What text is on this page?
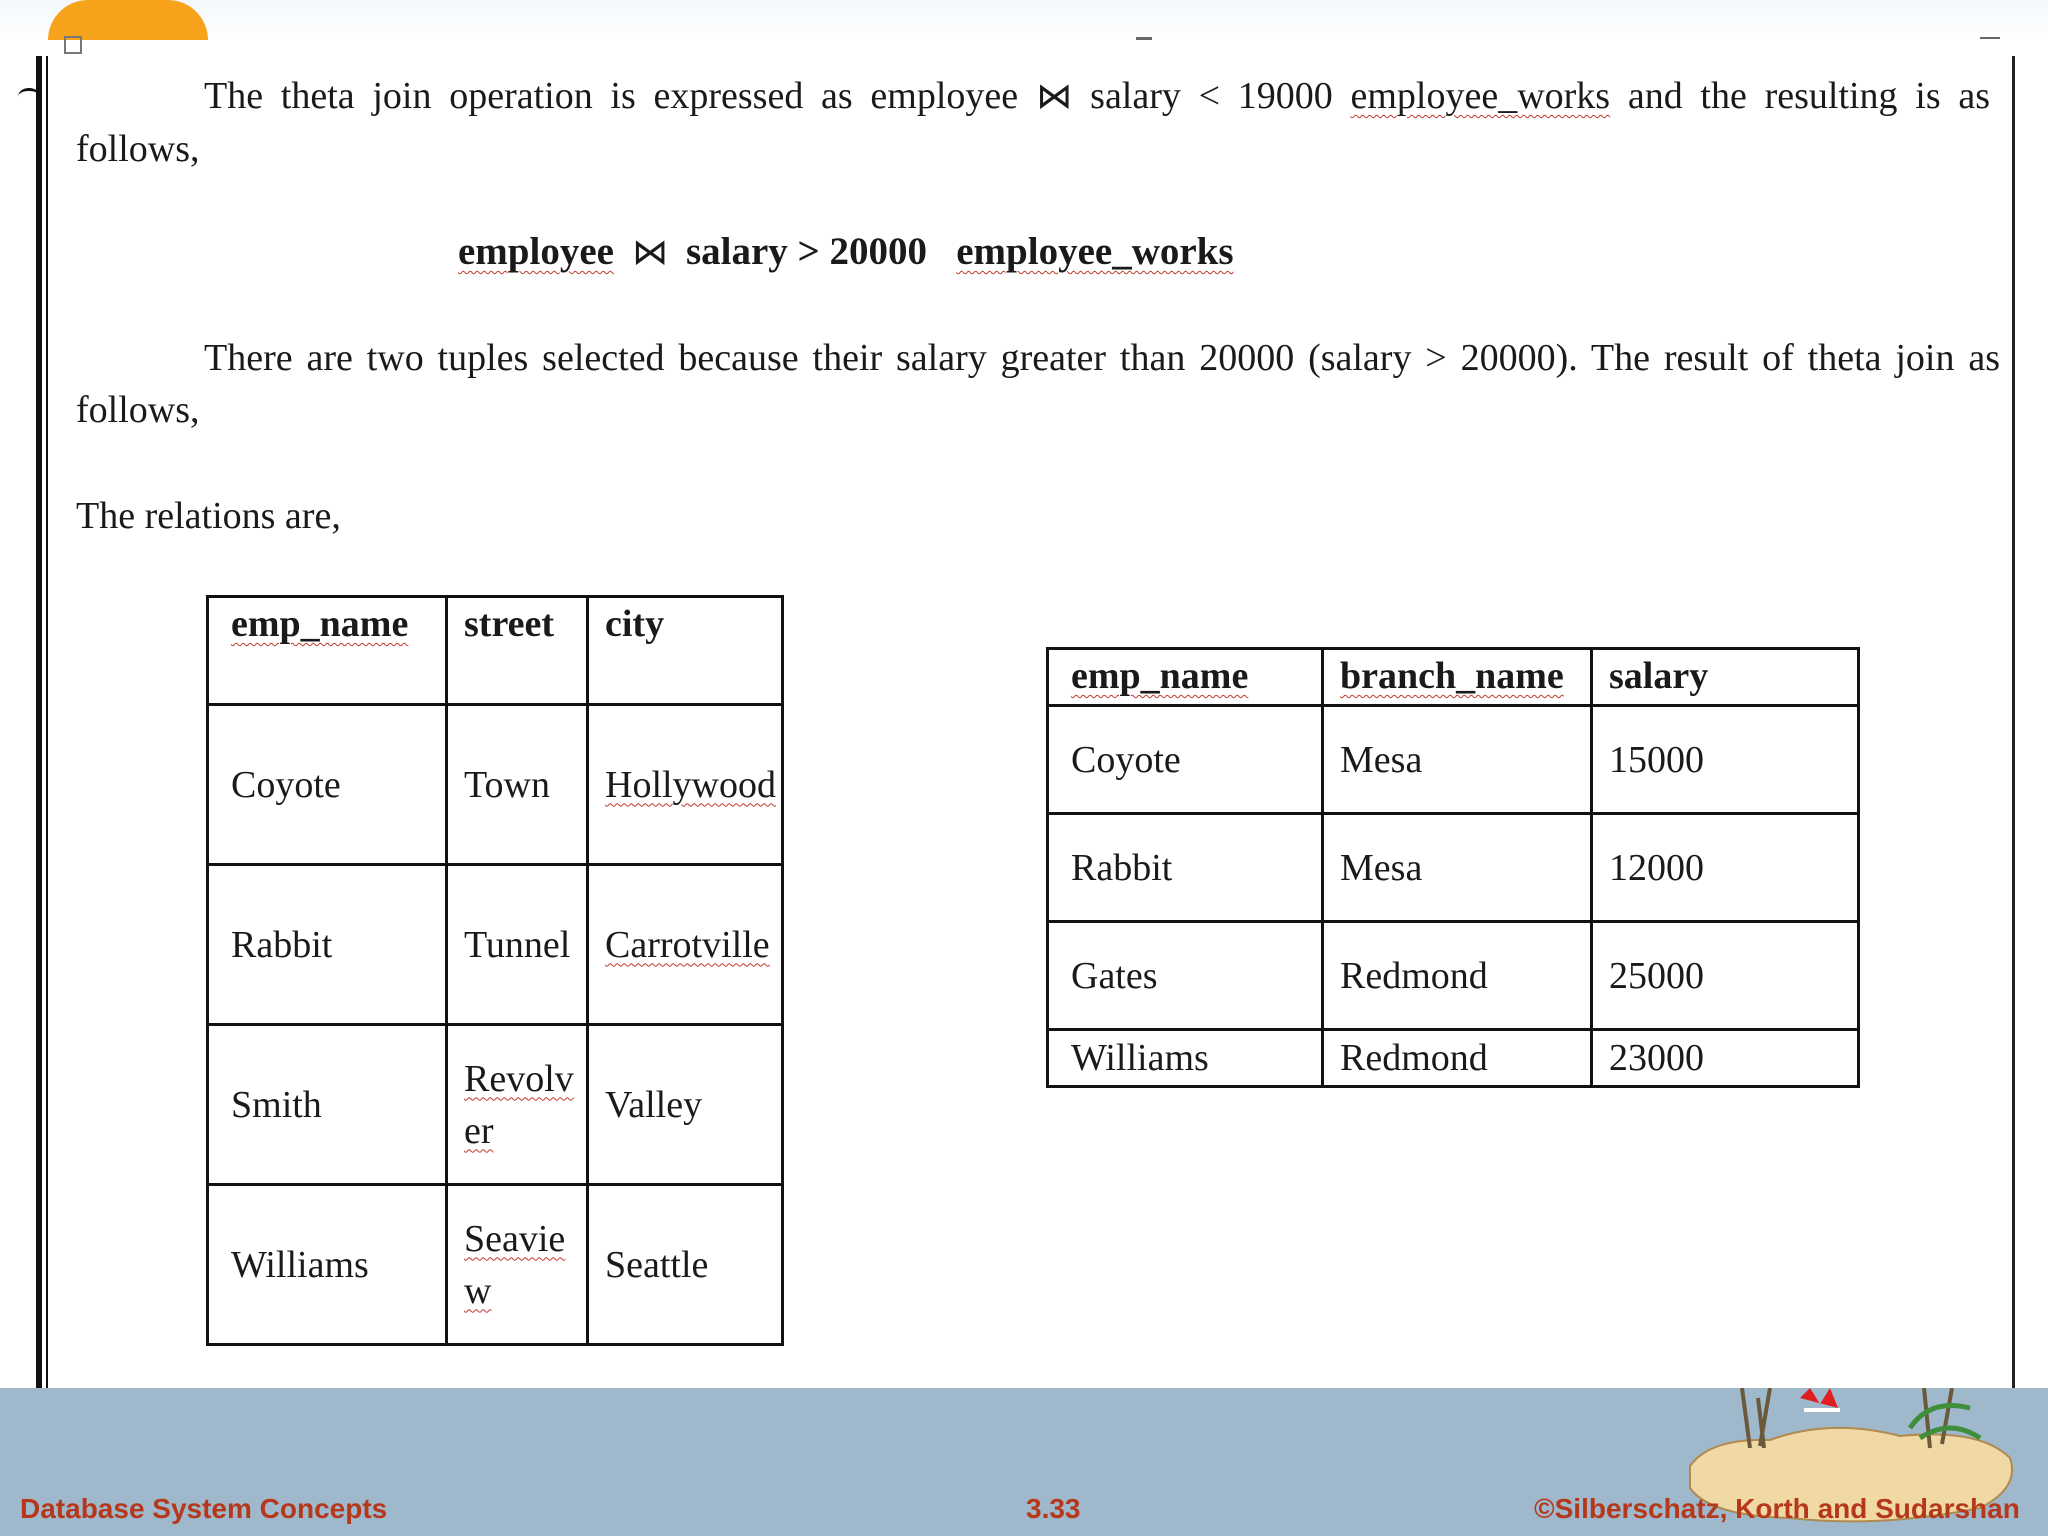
The theta join operation is expressed as employee ⋈ salary < 19000 employee_works and the resulting is as follows,

employee ⋈ salary > 20000 employee_works

There are two tuples selected because their salary greater than 20000 (salary > 20000). The result of theta join as follows,

The relations are,

emp_name	street	city
Coyote	Town	Hollywood
Rabbit	Tunnel	Carrotville
Smith	Revolver	Valley
Williams	Seaview	Seattle
emp_name	branch_name	salary
Coyote	Mesa	15000
Rabbit	Mesa	12000
Gates	Redmond	25000
Williams	Redmond	23000
Database System Concepts	3.33	©Silberschatz, Korth and Sudarshan
